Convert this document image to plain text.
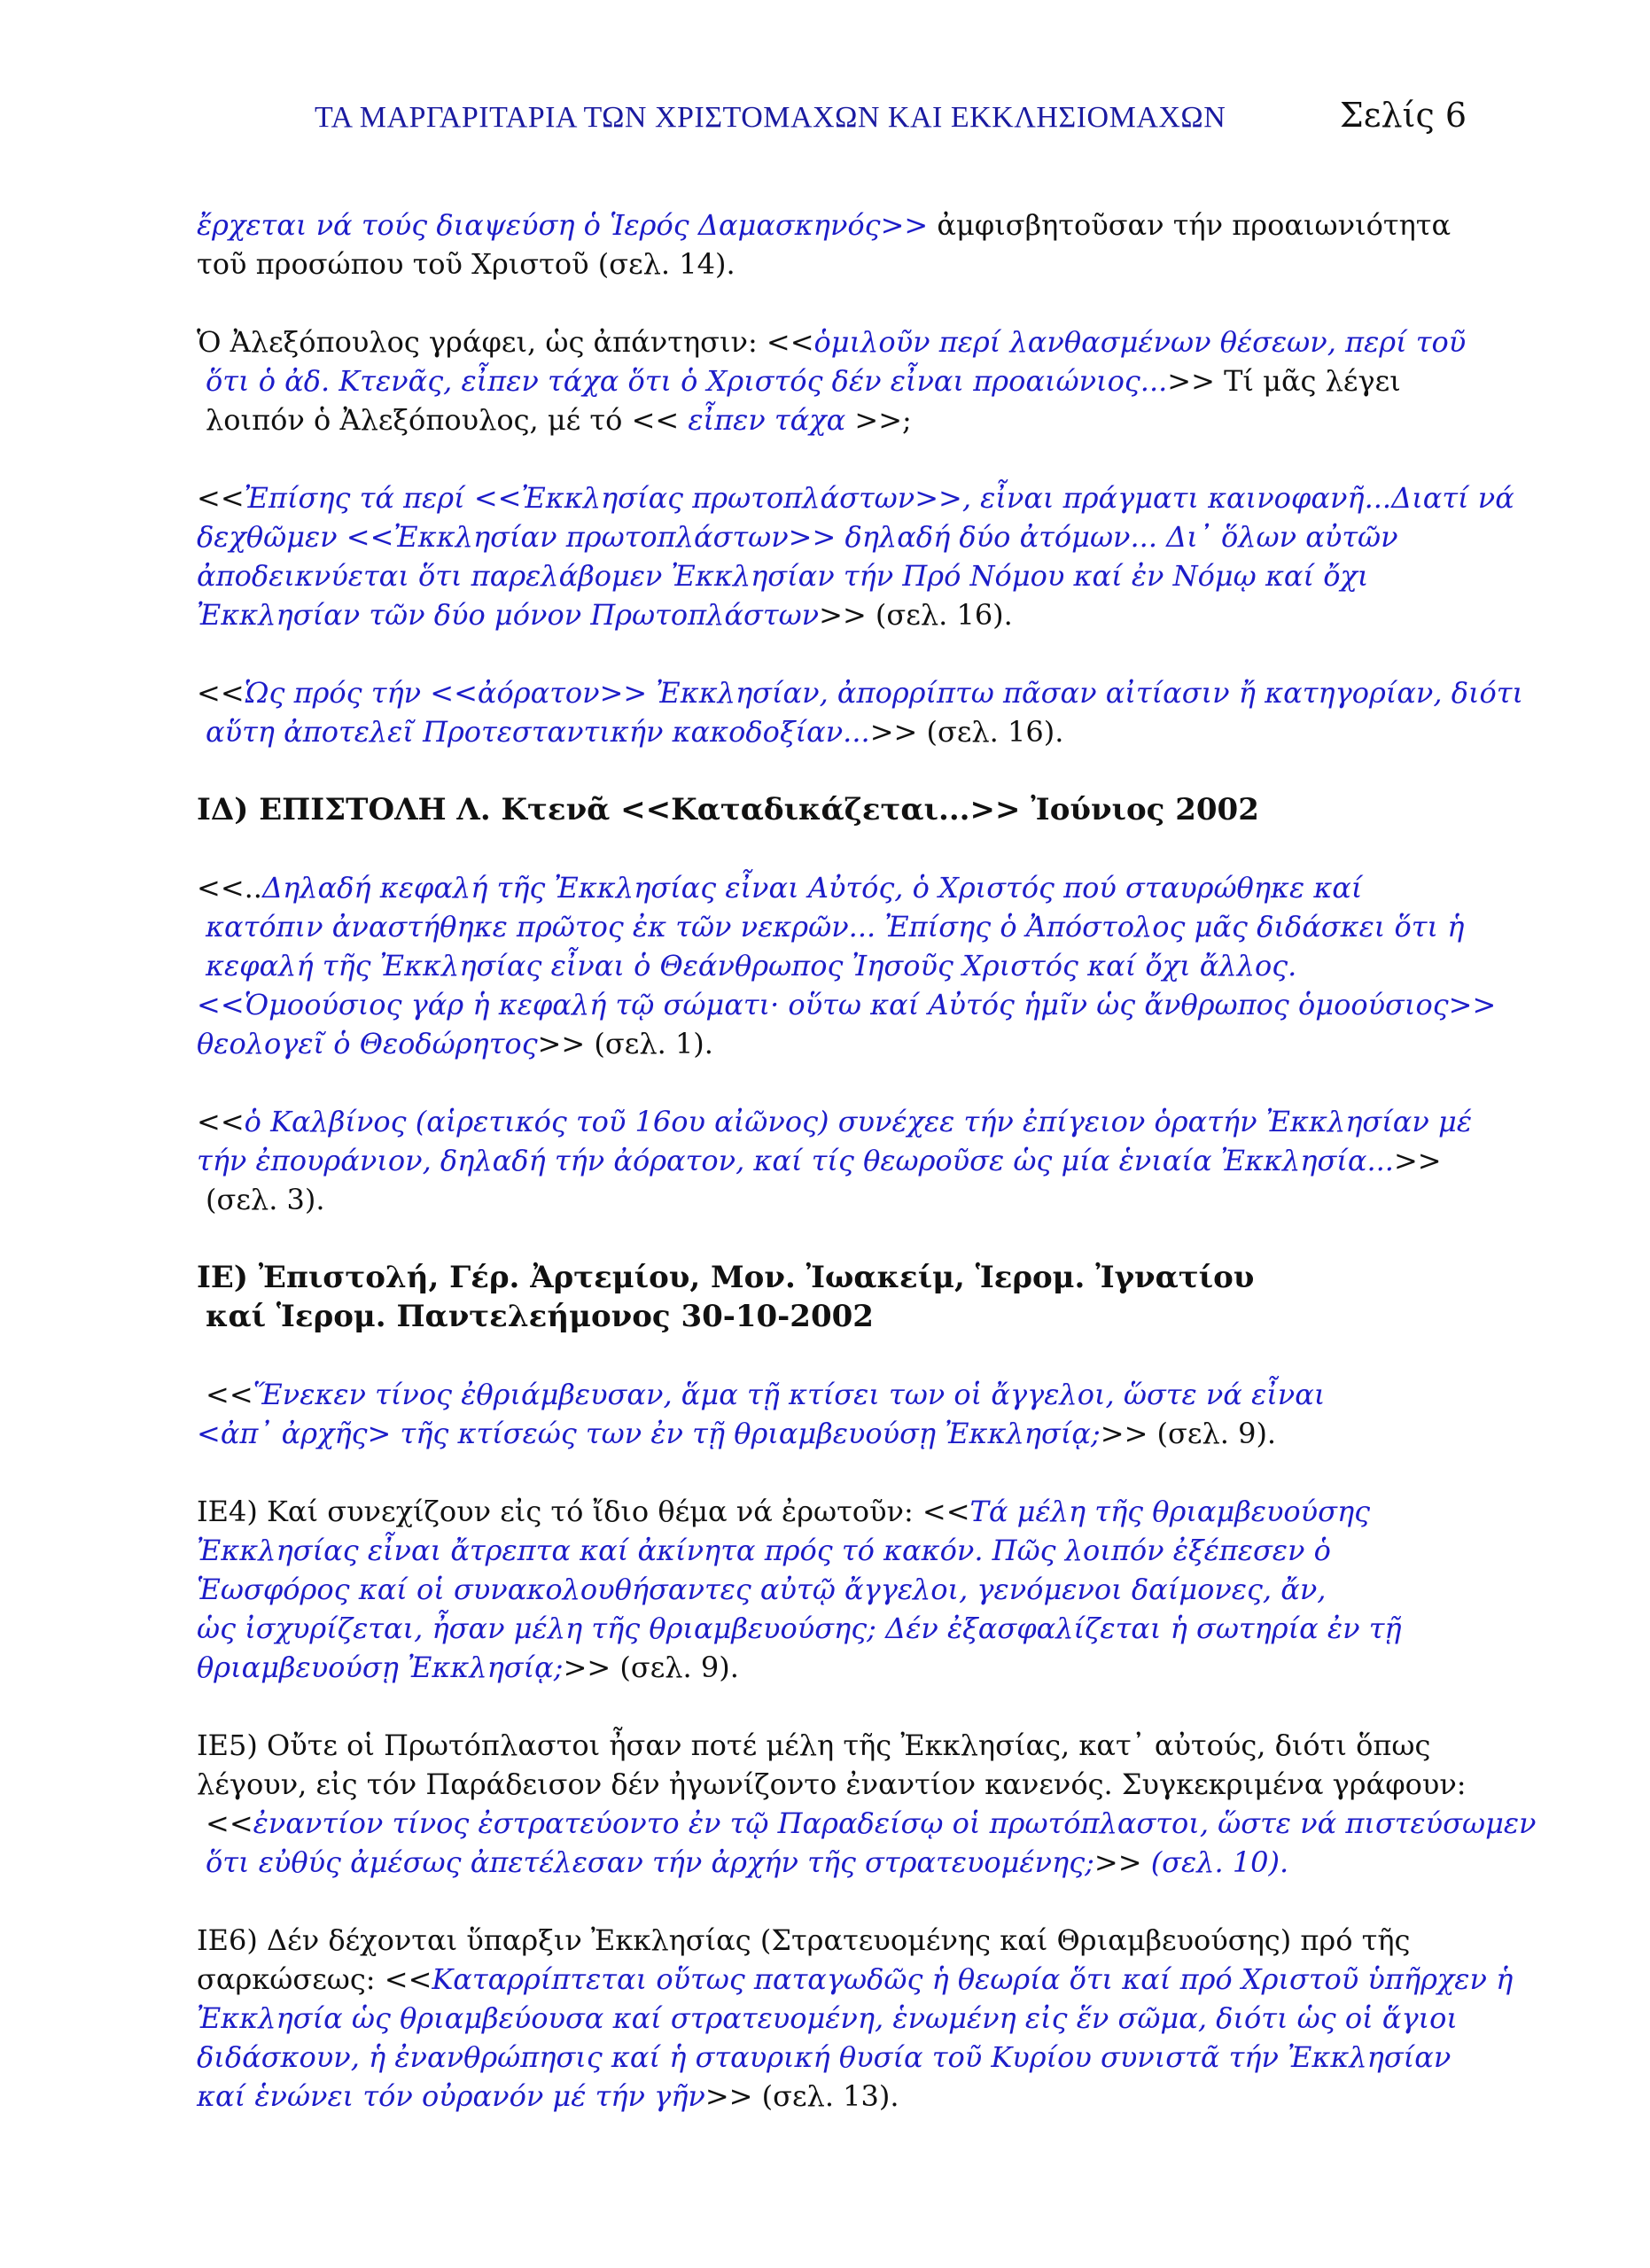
ΤΑ ΜΑΡΓΑΡΙΤΑΡΙΑ ΤΩΝ ΧΡΙΣΤΟΜΑΧΩΝ ΚΑΙ ΕΚΚΛΗΣΙΟΜΑΧΩΝ	Σελίς 6
ἔρχεται νά τούς διαψεύση ὁ Ἱερός Δαμασκηνός>> ἀμφισβητοῦσαν τήν προαιωνιότητα
τοῦ προσώπου τοῦ Χριστοῦ (σελ. 14).
Ὁ Ἀλεξόπουλος γράφει, ὡς ἀπάντησιν: <<ὁμιλοῦν περί λανθασμένων θέσεων, περί τοῦ
ὅτι ὁ ἀδ. Κτενᾶς, εἶπεν τάχα ὅτι ὁ Χριστός δέν εἶναι προαιώνιος...>> Τί μᾶς λέγει
λοιπόν ὁ Ἀλεξόπουλος, μέ τό << εἶπεν τάχα >>;
<<Ἐπίσης τά περί <<Ἐκκλησίας πρωτοπλάστων>>, εἶναι πράγματι καινοφανῆ...Διατί νά
δεχθῶμεν <<Ἐκκλησίαν πρωτοπλάστων>> δηλαδή δύο ἀτόμων... Δι᾿ ὅλων αὐτῶν
ἀποδεικνύεται ὅτι παρελάβομεν Ἐκκλησίαν τήν Πρό Νόμου καί ἐν Νόμῳ καί ὄχι
Ἐκκλησίαν τῶν δύο μόνον Πρωτοπλάστων>> (σελ. 16).
<<Ὡς πρός τήν <<ἀόρατον>> Ἐκκλησίαν, ἀπορρίπτω πᾶσαν αἰτίασιν ἤ κατηγορίαν, διότι
αὕτη ἀποτελεῖ Προτεσταντικήν κακοδοξίαν...>> (σελ. 16).
ΙΔ) ΕΠΙΣΤΟΛΗ Λ. Κτενᾶ <<Καταδικάζεται...>> Ἰούνιος 2002
<<..Δηλαδή κεφαλή τῆς Ἐκκλησίας εἶναι Αὐτός, ὁ Χριστός πού σταυρώθηκε καί
κατόπιν ἀναστήθηκε πρῶτος ἐκ τῶν νεκρῶν... Ἐπίσης ὁ Ἀπόστολος μᾶς διδάσκει ὅτι ἡ
κεφαλή τῆς Ἐκκλησίας εἶναι ὁ Θεάνθρωπος Ἰησοῦς Χριστός καί ὄχι ἄλλος.
<<Ὁμοούσιος γάρ ἡ κεφαλή τῷ σώματι· οὕτω καί Αὐτός ἡμῖν ὡς ἄνθρωπος ὁμοούσιος>>
θεολογεῖ ὁ Θεοδώρητος>> (σελ. 1).
<<ὁ Καλβίνος (αἱρετικός τοῦ 16ου αἰῶνος) συνέχεε τήν ἐπίγειον ὁρατήν Ἐκκλησίαν μέ
τήν ἐπουράνιον, δηλαδή τήν ἀόρατον, καί τίς θεωροῦσε ὡς μία ἑνιαία Ἐκκλησία...>>
(σελ. 3).
ΙΕ) Ἐπιστολή, Γέρ. Ἀρτεμίου, Μον. Ἰωακείμ, Ἱερομ. Ἰγνατίου
καί Ἱερομ. Παντελεήμονος 30-10-2002
<<Ἕνεκεν τίνος ἐθριάμβευσαν, ἅμα τῇ κτίσει των οἱ ἄγγελοι, ὥστε νά εἶναι
<ἀπ᾿ ἀρχῆς> τῆς κτίσεώς των ἐν τῇ θριαμβευούσῃ Ἐκκλησίᾳ;>> (σελ. 9).
ΙΕ4) Καί συνεχίζουν εἰς τό ἴδιο θέμα νά ἐρωτοῦν: <<Τά μέλη τῆς θριαμβευούσης
Ἐκκλησίας εἶναι ἄτρεπτα καί ἀκίνητα πρός τό κακόν. Πῶς λοιπόν ἐξέπεσεν ὁ
Ἑωσφόρος καί οἱ συνακολουθήσαντες αὐτῷ ἄγγελοι, γενόμενοι δαίμονες, ἄν,
ὡς ἰσχυρίζεται, ἦσαν μέλη τῆς θριαμβευούσης; Δέν ἐξασφαλίζεται ἡ σωτηρία ἐν τῇ
θριαμβευούσῃ Ἐκκλησίᾳ;>> (σελ. 9).
ΙΕ5) Οὔτε οἱ Πρωτόπλαστοι ἦσαν ποτέ μέλη τῆς Ἐκκλησίας, κατ᾿ αὐτούς, διότι ὅπως
λέγουν, εἰς τόν Παράδεισον δέν ἠγωνίζοντο ἐναντίον κανενός. Συγκεκριμένα γράφουν:
<<ἐναντίον τίνος ἐστρατεύοντο ἐν τῷ Παραδείσῳ οἱ πρωτόπλαστοι, ὥστε νά πιστεύσωμεν
ὅτι εὐθύς ἀμέσως ἀπετέλεσαν τήν ἀρχήν τῆς στρατευομένης;>> (σελ. 10).
ΙΕ6) Δέν δέχονται ὕπαρξιν Ἐκκλησίας (Στρατευομένης καί Θριαμβευούσης) πρό τῆς
σαρκώσεως: <<Καταρρίπτεται οὕτως παταγωδῶς ἡ θεωρία ὅτι καί πρό Χριστοῦ ὑπῆρχεν ἡ
Ἐκκλησία ὡς θριαμβεύουσα καί στρατευομένη, ἑνωμένη εἰς ἕν σῶμα, διότι ὡς οἱ ἅγιοι
διδάσκουν, ἡ ἐνανθρώπησις καί ἡ σταυρική θυσία τοῦ Κυρίου συνιστᾶ τήν Ἐκκλησίαν
καί ἑνώνει τόν οὐρανόν μέ τήν γῆν>> (σελ. 13).
